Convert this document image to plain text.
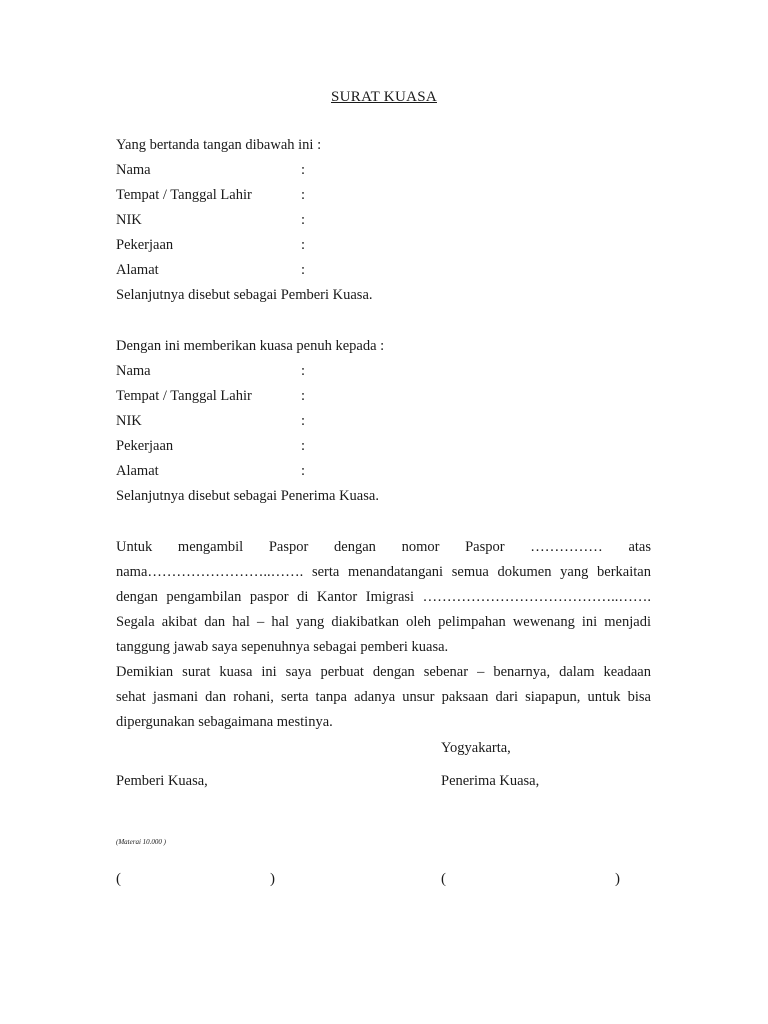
SURAT KUASA
Yang bertanda tangan dibawah ini :
Nama	:
Tempat / Tanggal Lahir	:
NIK	:
Pekerjaan	:
Alamat	:
Selanjutnya disebut sebagai Pemberi Kuasa.
Dengan ini memberikan kuasa penuh kepada :
Nama	:
Tempat / Tanggal Lahir	:
NIK	:
Pekerjaan	:
Alamat	:
Selanjutnya disebut sebagai Penerima Kuasa.
Untuk mengambil Paspor dengan nomor Paspor …………… atas
nama……………………..……. serta menandatangani semua dokumen yang berkaitan
dengan pengambilan paspor di Kantor Imigrasi …………………………………..…….
Segala akibat dan hal – hal yang diakibatkan oleh pelimpahan wewenang ini menjadi
tanggung jawab saya sepenuhnya sebagai pemberi kuasa.
Demikian surat kuasa ini saya perbuat dengan sebenar – benarnya, dalam keadaan
sehat jasmani dan rohani, serta tanpa adanya unsur paksaan dari siapapun, untuk bisa
dipergunakan sebagaimana mestinya.
Yogyakarta,
Pemberi Kuasa,	Penerima Kuasa,
(Materai 10.000 )
(	)	(	)
